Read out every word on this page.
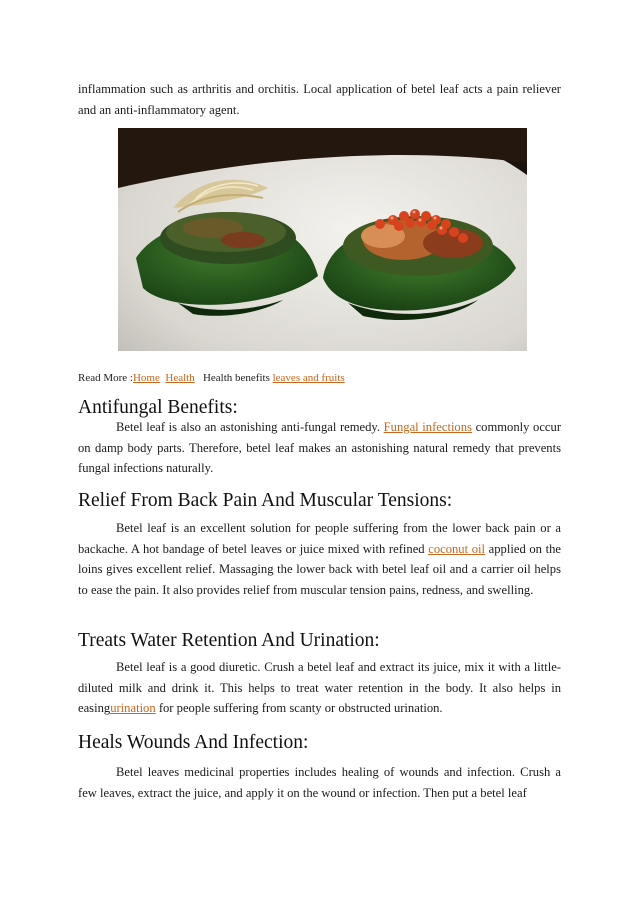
inflammation such as arthritis and orchitis. Local application of betel leaf acts a pain reliever and an anti-inflammatory agent.

Read More :Home Health Health benefits leaves and fruits
Antifungal Benefits:

Betel leaf is also an astonishing anti-fungal remedy. Fungal infections commonly occur on damp body parts. Therefore, betel leaf makes an astonishing natural remedy that prevents fungal infections naturally.

Relief From Back Pain And Muscular Tensions:

Betel leaf is an excellent solution for people suffering from the lower back pain or a backache. A hot bandage of betel leaves or juice mixed with refined coconut oil applied on the loins gives excellent relief. Massaging the lower back with betel leaf oil and a carrier oil helps to ease the pain. It also provides relief from muscular tension pains, redness, and swelling.

Treats Water Retention And Urination:

Betel leaf is a good diuretic. Crush a betel leaf and extract its juice, mix it with a little-diluted milk and drink it. This helps to treat water retention in the body. It also helps in easingurination for people suffering from scanty or obstructed urination.

Heals Wounds And Infection:

Betel leaves medicinal properties includes healing of wounds and infection. Crush a few leaves, extract the juice, and apply it on the wound or infection. Then put a betel leaf
